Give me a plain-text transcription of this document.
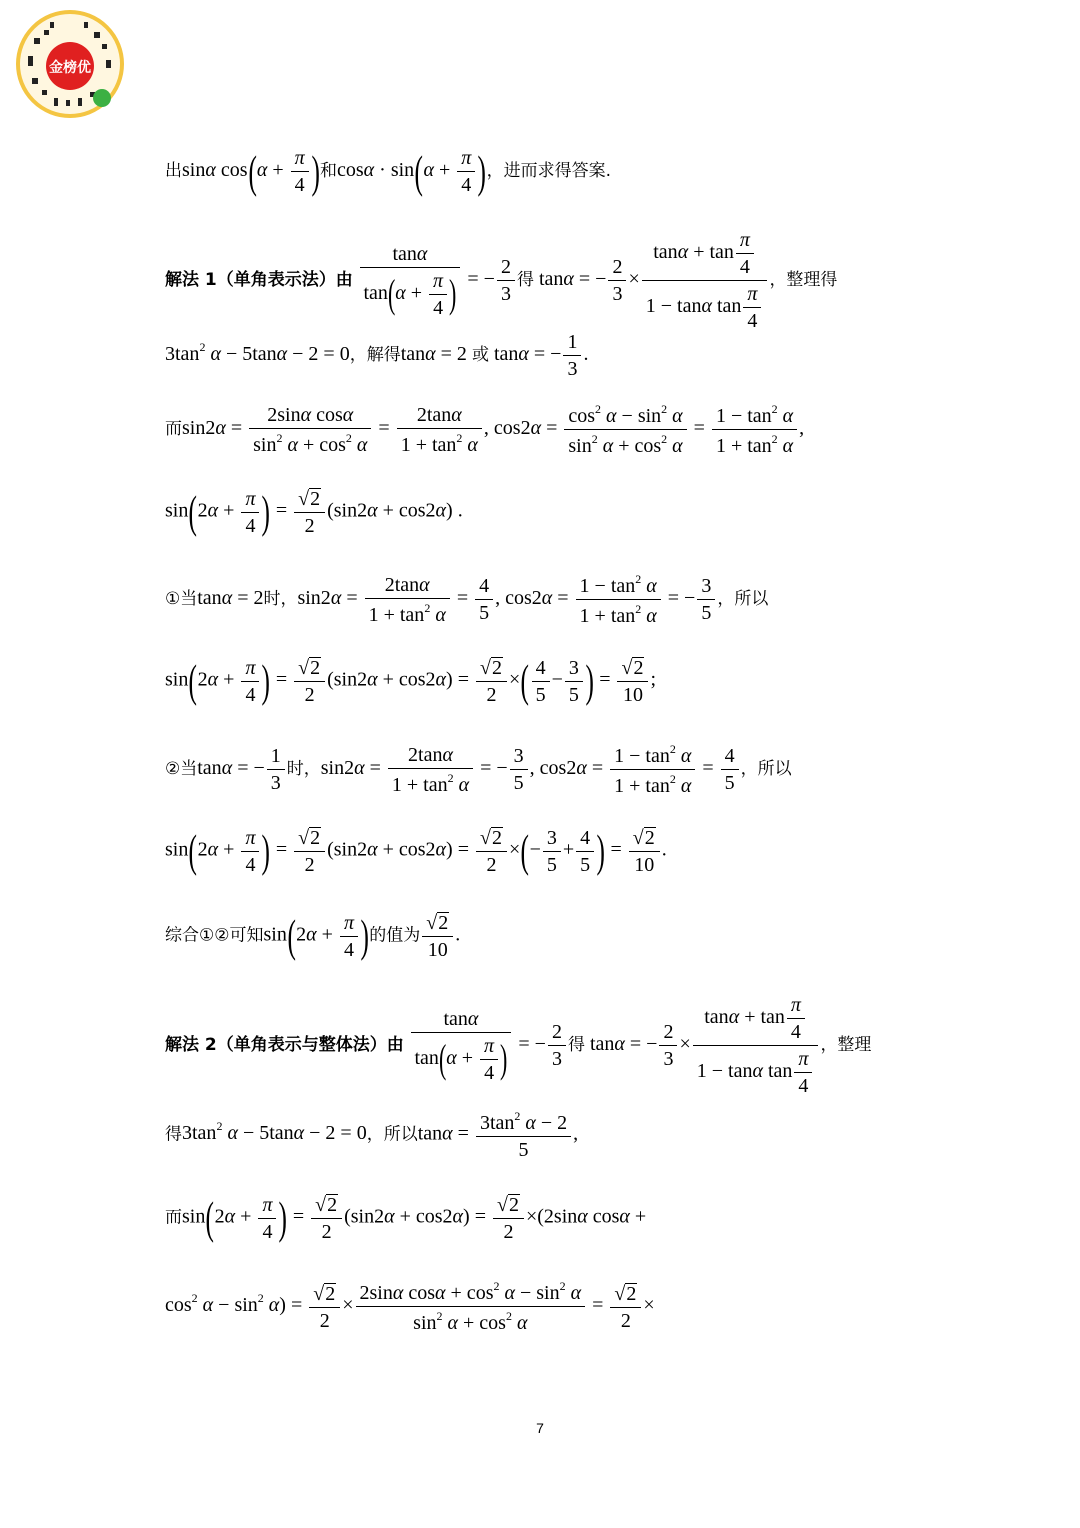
金榜优
出sinα $\cos(\alpha + \frac{\pi}{4}$ )和$\cos\alpha \cdot \sin(\alpha + \frac{\pi}{4}$ )，进而求得答案.
解法 1（单角表示法）由 $\frac{\tan\alpha}{\tan(\alpha + \frac{\pi}{4} )}$ = − $\frac{2}{3}$ 得 tanα = − $\frac{2}{3} \times \frac{\tan\alpha + \tan \frac{\pi}{4}}{1 - \tan\alpha \tan \frac{\pi}{4}}$ ，整理得
$3\tan^2$ α − 5tanα − 2 = 0，解得tanα = 2 或 tanα = − $\frac{1}{3}$ .
而$\sin 2\alpha = \frac{\text{2sinα cosα}}{\sin^2 \alpha + \cos^2 \alpha} = \frac{2\tan\alpha}{1 + \tan^2 \alpha}$ , $\cos 2\alpha = \frac{\cos^2 \alpha - \sin^2 \alpha}{\sin^2 \alpha + \cos^2 \alpha} = \frac{1 - \tan^2 \alpha}{1 + \tan^2 \alpha}$ ,
$\sin(2\alpha + \frac{\pi}{4}$ ) = $\frac{√2}{2} (\sin 2\alpha + \cos 2\alpha)$ .
①当tanα = 2时，$\sin 2\alpha = \frac{2\tan\alpha}{1 + \tan^2 \alpha} = \frac{4}{5}$ , $\cos 2\alpha = \frac{1 - \tan^2 \alpha}{1 + \tan^2 \alpha}$ = − $\frac{3}{5}$ ，所以
$\sin(2\alpha + \frac{\pi}{4}$ ) = $\frac{√2}{2} (\sin 2\alpha + \cos 2\alpha) = \frac{√2}{2}$ ×( $\frac{4}{5} - \frac{3}{5}$ ) = $\frac{√2}{10}$ ;
②当tanα = − $\frac{1}{3}$ 时，$\sin 2\alpha = \frac{2\tan\alpha}{1 + \tan^2 \alpha}$ = − $\frac{3}{5}$ , $\cos 2\alpha = \frac{1 - \tan^2 \alpha}{1 + \tan^2 \alpha} = \frac{4}{5}$ ，所以
$\sin(2\alpha + \frac{\pi}{4}$ ) = $\frac{√2}{2} (\sin 2\alpha + \cos 2\alpha) = \frac{√2}{2}$ ×(− $\frac{3}{5} + \frac{4}{5}$ ) = $\frac{√2}{10}$ .
综合①②可知$\sin(2\alpha + \frac{\pi}{4}$ )的值为 $\frac{√2}{10}$ .
解法 2（单角表示与整体法）由 $\frac{\tan\alpha}{\tan(\alpha + \frac{\pi}{4} )}$ = − $\frac{2}{3}$ 得 tanα = − $\frac{2}{3} \times \frac{\tan\alpha + \tan \frac{\pi}{4}}{1 - \tan\alpha \tan \frac{\pi}{4}}$ ，整理
得$3\tan^2$ α − 5tanα − 2 = 0，所以$\tan\alpha = \frac{3\tan^2 \alpha - 2}{5}$ ,
而$\sin(2\alpha + \frac{\pi}{4}$ ) = $\frac{√2}{2} (\sin 2\alpha + \cos 2\alpha) = \frac{√2}{2} \times(2\sin\alpha$ cosα +
$\cos^2 \alpha - \sin^2 \alpha) = \frac{√2}{2} \times \frac{2\sin\alpha \cos\alpha + \cos^2 \alpha - \sin^2 \alpha}{\sin^2 \alpha + \cos^2 \alpha} = \frac{√2}{2}$ ×
7
